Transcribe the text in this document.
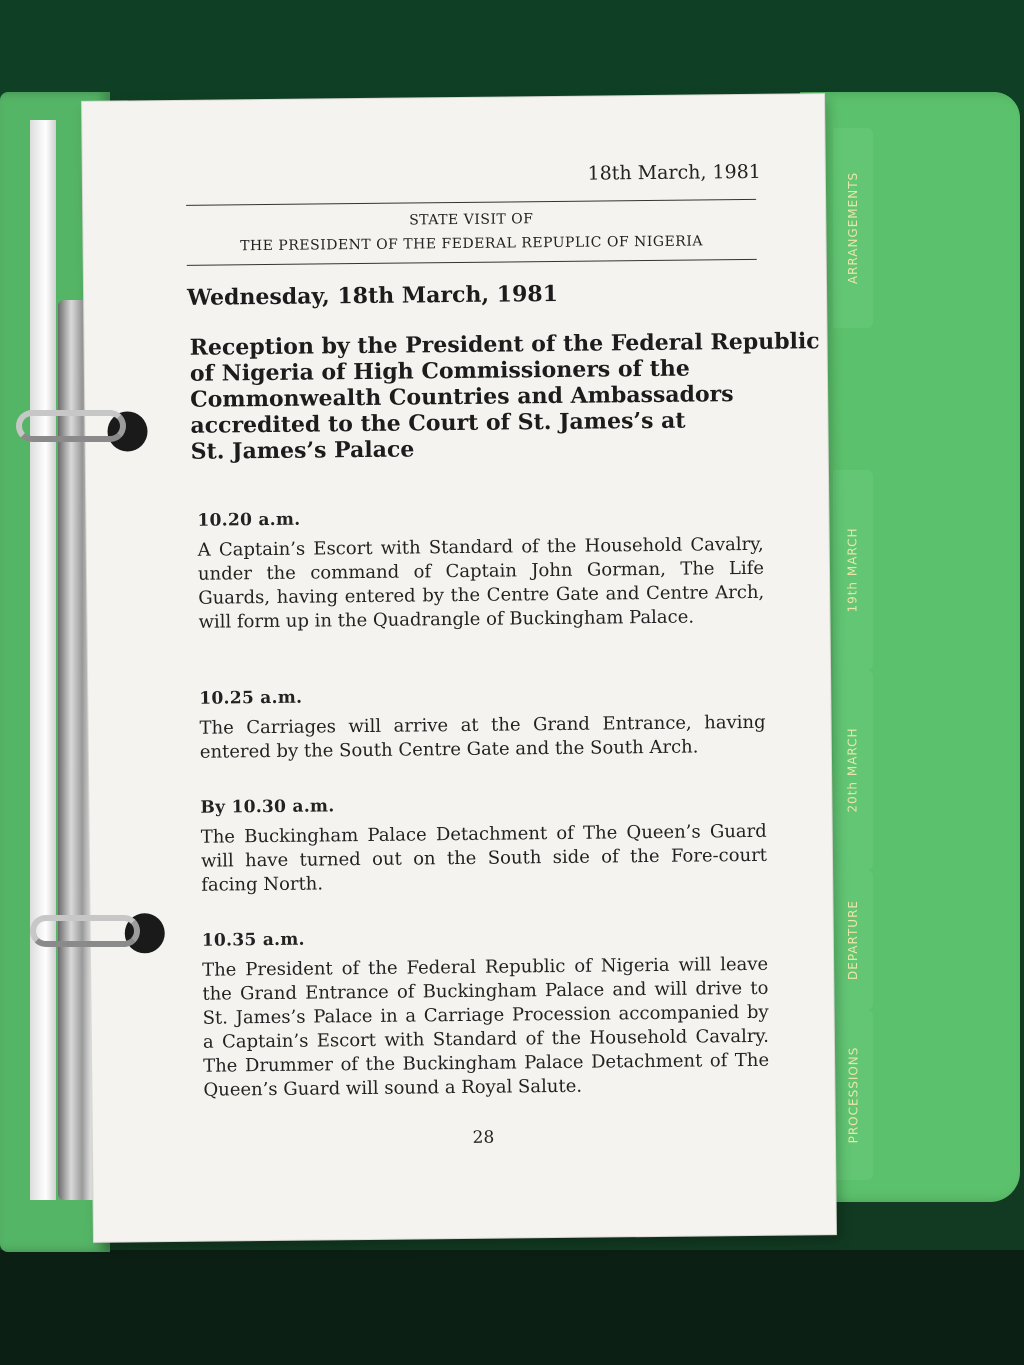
ARRANGEMENTS
19th MARCH
20th MARCH
DEPARTURE
PROCESSIONS
18th March, 1981
STATE VISIT OF
THE PRESIDENT OF THE FEDERAL REPUPLIC OF NIGERIA
Wednesday, 18th March, 1981
Reception by the President of the Federal Republic
of Nigeria of High Commissioners of the
Commonwealth Countries and Ambassadors
accredited to the Court of St. James’s at
St. James’s Palace
10.20 a.m.
A Captain’s Escort with Standard of the Household Cavalry, under the command of Captain John Gorman, The Life Guards, having entered by the Centre Gate and Centre Arch, will form up in the Quadrangle of Buckingham Palace.
10.25 a.m.
The Carriages will arrive at the Grand Entrance, having entered by the South Centre Gate and the South Arch.
By 10.30 a.m.
The Buckingham Palace Detachment of The Queen’s Guard will have turned out on the South side of the Fore-court facing North.
10.35 a.m.
The President of the Federal Republic of Nigeria will leave the Grand Entrance of Buckingham Palace and will drive to St. James’s Palace in a Carriage Procession accompanied by a Captain’s Escort with Standard of the Household Cavalry. The Drummer of the Buckingham Palace Detachment of The Queen’s Guard will sound a Royal Salute.
28
